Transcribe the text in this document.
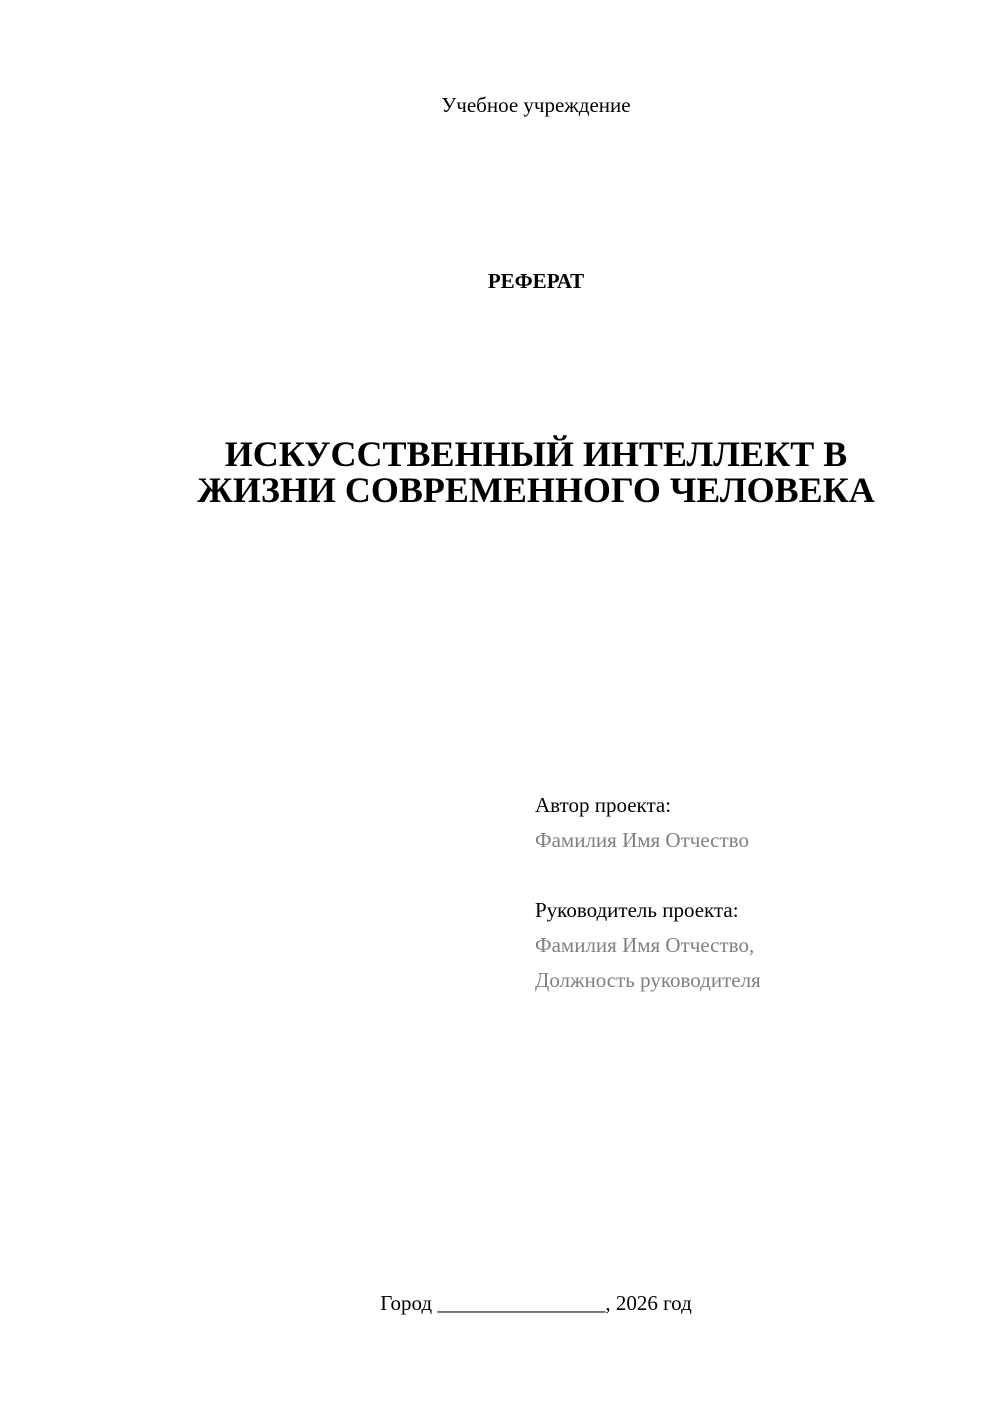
Учебное учреждение
РЕФЕРАТ
ИСКУССТВЕННЫЙ ИНТЕЛЛЕКТ В
ЖИЗНИ СОВРЕМЕННОГО ЧЕЛОВЕКА
Автор проекта:
Фамилия Имя Отчество
Руководитель проекта:
Фамилия Имя Отчество,
Должность руководителя
Город ________________, 2026 год
